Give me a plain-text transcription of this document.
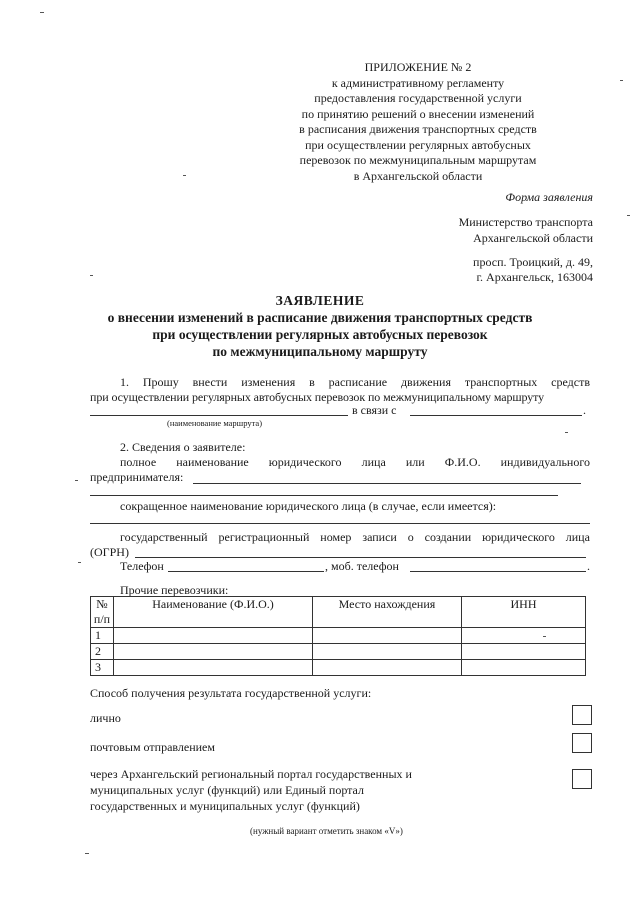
ПРИЛОЖЕНИЕ № 2
к административному регламенту
предоставления государственной услуги
по принятию решений о внесении изменений
в расписания движения транспортных средств
при осуществлении регулярных автобусных
перевозок по межмуниципальным маршрутам
в Архангельской области
Форма заявления
Министерство транспорта
Архангельской области
просп. Троицкий, д. 49,
г. Архангельск, 163004
ЗАЯВЛЕНИЕ
о внесении изменений в расписание движения транспортных средств
при осуществлении регулярных автобусных перевозок
по межмуниципальному маршруту
1. Прошу внести изменения в расписание движения транспортных средств
при осуществлении регулярных автобусных перевозок по межмуниципальному маршруту
в связи с	.
(наименование маршрута)
2. Сведения о заявителе:
полное наименование юридического лица или Ф.И.О. индивидуального
предпринимателя:
сокращенное наименование юридического лица (в случае, если имеется):
государственный регистрационный номер записи о создании юридического лица
(ОГРН)
Телефон	, моб. телефон	.
Прочие перевозчики:
№
п/п	Наименование (Ф.И.О.)	Место нахождения	ИНН
1			
2			
3			
Способ получения результата государственной услуги:
лично
почтовым отправлением
через Архангельский региональный портал государственных и
муниципальных услуг (функций) или Единый портал
государственных и муниципальных услуг (функций)
(нужный вариант отметить знаком «V»)
